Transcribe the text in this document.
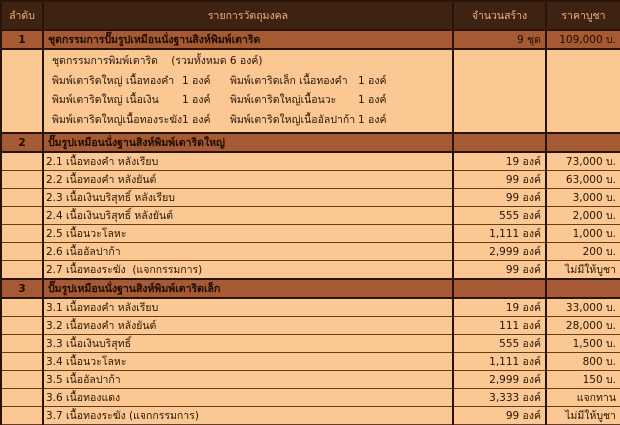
ลำดับ	รายการวัตถุมงคล	จำนวนสร้าง	ราคาบูชา
1	ชุดกรรมการปั๊มรูปเหมือนนั่งฐานสิงห์พิมพ์เตาริด	9 ชุด	109,000 บ.

	ชุดกรรมการพิมพ์เตาริด    (รวมทั้งหมด 6 องค์)
พิมพ์เตาริดใหญ่ เนื้อทองคำ 1 องค์ พิมพ์เตาริดเล็ก เนื้อทองคำ 1 องค์
พิมพ์เตาริดใหญ่ เนื้อเงิน 1 องค์ พิมพ์เตาริดใหญ่เนื้อนวะ 1 องค์
พิมพ์เตาริดใหญ่เนื้อทองระฆัง1 องค์ พิมพ์เตาริดใหญ่เนื้ออัลปาก้า 1 องค์		

2	ปั๊มรูปเหมือนนั่งฐานสิงห์พิมพ์เตาริดใหญ่		
	2.1 เนื้อทองคำ หลังเรียบ	19 องค์	73,000 บ.
	2.2 เนื้อทองคำ หลังยันต์	99 องค์	63,000 บ.
	2.3 เนื้อเงินบริสุทธิ์ หลังเรียบ	99 องค์	3,000 บ.
	2.4 เนื้อเงินบริสุทธิ์ หลังยันต์	555 องค์	2,000 บ.
	2.5 เนื้อนวะโลหะ	1,111 องค์	1,000 บ.
	2.6 เนื้ออัลปาก้า	2,999 องค์	200 บ.
	2.7 เนื้อทองระฆัง  (แจกกรรมการ)	99 องค์	ไม่มีให้บูชา
3	ปั๊มรูปเหมือนนั่งฐานสิงห์พิมพ์เตาริดเล็ก		
	3.1 เนื้อทองคำ หลังเรียบ	19 องค์	33,000 บ.
	3.2 เนื้อทองคำ หลังยันต์	111 องค์	28,000 บ.
	3.3 เนื้อเงินบริสุทธิ์	555 องค์	1,500 บ.
	3.4 เนื้อนวะโลหะ	1,111 องค์	800 บ.
	3.5 เนื้ออัลปาก้า	2,999 องค์	150 บ.
	3.6 เนื้อทองแดง	3,333 องค์	แจกทาน
	3.7 เนื้อทองระฆัง (แจกกรรมการ)	99 องค์	ไม่มีให้บูชา
